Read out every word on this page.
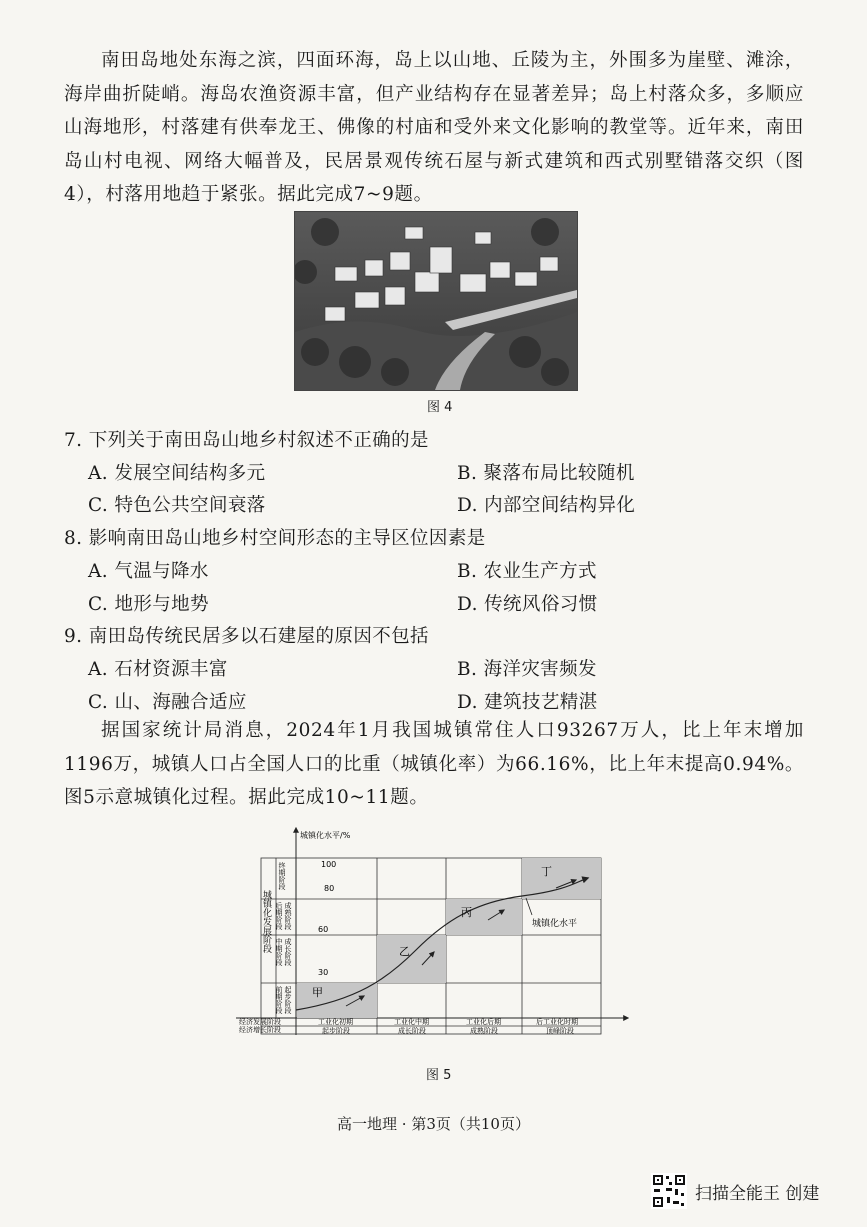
南田岛地处东海之滨，四面环海，岛上以山地、丘陵为主，外围多为崖壁、滩涂，海岸曲折陡峭。海岛农渔资源丰富，但产业结构存在显著差异；岛上村落众多，多顺应山海地形，村落建有供奉龙王、佛像的村庙和受外来文化影响的教堂等。近年来，南田岛山村电视、网络大幅普及，民居景观传统石屋与新式建筑和西式别墅错落交织（图4），村落用地趋于紧张。据此完成7~9题。

图 4
7. 下列关于南田岛山地乡村叙述不正确的是
A. 发展空间结构多元	B. 聚落布局比较随机
C. 特色公共空间衰落	D. 内部空间结构异化
8. 影响南田岛山地乡村空间形态的主导区位因素是
A. 气温与降水	B. 农业生产方式
C. 地形与地势	D. 传统风俗习惯
9. 南田岛传统民居多以石建屋的原因不包括
A. 石材资源丰富	B. 海洋灾害频发
C. 山、海融合适应	D. 建筑技艺精湛

据国家统计局消息，2024年1月我国城镇常住人口93267万人，比上年末增加1196万，城镇人口占全国人口的比重（城镇化率）为66.16%，比上年末提高0.94%。图5示意城镇化过程。据此完成10~11题。

城镇化水平/%
城镇化水平
甲
乙
丙
丁
100
80
60
30
城镇化发展阶段
终期阶段
成熟阶段
后期阶段
成长阶段
中期阶段
起步阶段
前期阶段
经济发展阶段
经济增长阶段
工业化初期	工业化中期	工业化后期	后工业化时期
起步阶段	成长阶段	成熟阶段	顶峰阶段
图 5
高一地理 · 第3页（共10页）
扫描全能王 创建
